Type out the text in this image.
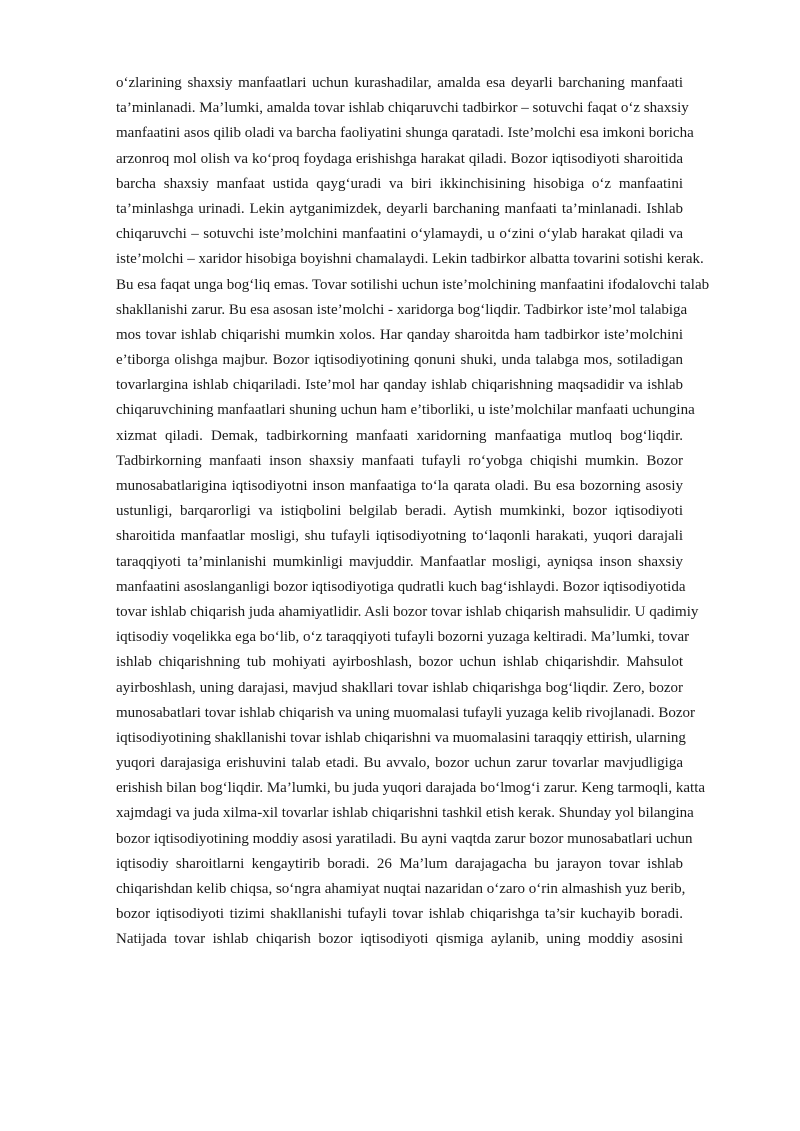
o‘zlarining shaxsiy manfaatlari uchun kurashadilar, amalda esa deyarli barchaning manfaati
ta’minlanadi. Ma’lumki, amalda tovar ishlab chiqaruvchi tadbirkor – sotuvchi faqat o‘z shaxsiy
manfaatini asos qilib oladi va barcha faoliyatini shunga qaratadi. Iste’molchi esa imkoni boricha
arzonroq mol olish va ko‘proq foydaga erishishga harakat qiladi. Bozor iqtisodiyoti sharoitida
barcha shaxsiy manfaat ustida qayg‘uradi va biri ikkinchisining hisobiga o‘z manfaatini
ta’minlashga urinadi. Lekin aytganimizdek, deyarli barchaning manfaati ta’minlanadi. Ishlab
chiqaruvchi – sotuvchi iste’molchini manfaatini o‘ylamaydi, u o‘zini o‘ylab harakat qiladi va
iste’molchi – xaridor hisobiga boyishni chamalaydi. Lekin tadbirkor albatta tovarini sotishi kerak.
Bu esa faqat unga bog‘liq emas. Tovar sotilishi uchun iste’molchining manfaatini ifodalovchi talab
shakllanishi zarur. Bu esa asosan iste’molchi - xaridorga bog‘liqdir. Tadbirkor iste’mol talabiga
mos tovar ishlab chiqarishi mumkin xolos. Har qanday sharoitda ham tadbirkor iste’molchini
e’tiborga olishga majbur. Bozor iqtisodiyotining qonuni shuki, unda talabga mos, sotiladigan
tovarlargina ishlab chiqariladi. Iste’mol har qanday ishlab chiqarishning maqsadidir va ishlab
chiqaruvchining manfaatlari shuning uchun ham e’tiborliki, u iste’molchilar manfaati uchungina
xizmat qiladi. Demak, tadbirkorning manfaati xaridorning manfaatiga mutloq bog‘liqdir.
Tadbirkorning manfaati inson shaxsiy manfaati tufayli ro‘yobga chiqishi mumkin. Bozor
munosabatlarigina iqtisodiyotni inson manfaatiga to‘la qarata oladi. Bu esa bozorning asosiy
ustunligi, barqarorligi va istiqbolini belgilab beradi. Aytish mumkinki, bozor iqtisodiyoti
sharoitida manfaatlar mosligi, shu tufayli iqtisodiyotning to‘laqonli harakati, yuqori darajali
taraqqiyoti ta’minlanishi mumkinligi mavjuddir. Manfaatlar mosligi, ayniqsa inson shaxsiy
manfaatini asoslanganligi bozor iqtisodiyotiga qudratli kuch bag‘ishlaydi. Bozor iqtisodiyotida
tovar ishlab chiqarish juda ahamiyatlidir. Asli bozor tovar ishlab chiqarish mahsulidir. U qadimiy
iqtisodiy voqelikka ega bo‘lib, o‘z taraqqiyoti tufayli bozorni yuzaga keltiradi. Ma’lumki, tovar
ishlab chiqarishning tub mohiyati ayirboshlash, bozor uchun ishlab chiqarishdir. Mahsulot
ayirboshlash, uning darajasi, mavjud shakllari tovar ishlab chiqarishga bog‘liqdir. Zero, bozor
munosabatlari tovar ishlab chiqarish va uning muomalasi tufayli yuzaga kelib rivojlanadi. Bozor
iqtisodiyotining shakllanishi tovar ishlab chiqarishni va muomalasini taraqqiy ettirish, ularning
yuqori darajasiga erishuvini talab etadi. Bu avvalo, bozor uchun zarur tovarlar mavjudligiga
erishish bilan bog‘liqdir. Ma’lumki, bu juda yuqori darajada bo‘lmog‘i zarur. Keng tarmoqli, katta
xajmdagi va juda xilma-xil tovarlar ishlab chiqarishni tashkil etish kerak. Shunday yol bilangina
bozor iqtisodiyotining moddiy asosi yaratiladi. Bu ayni vaqtda zarur bozor munosabatlari uchun
iqtisodiy sharoitlarni kengaytirib boradi. 26 Ma’lum darajagacha bu jarayon tovar ishlab
chiqarishdan kelib chiqsa, so‘ngra ahamiyat nuqtai nazaridan o‘zaro o‘rin almashish yuz berib,
bozor iqtisodiyoti tizimi shakllanishi tufayli tovar ishlab chiqarishga ta’sir kuchayib boradi.
Natijada tovar ishlab chiqarish bozor iqtisodiyoti qismiga aylanib, uning moddiy asosini
